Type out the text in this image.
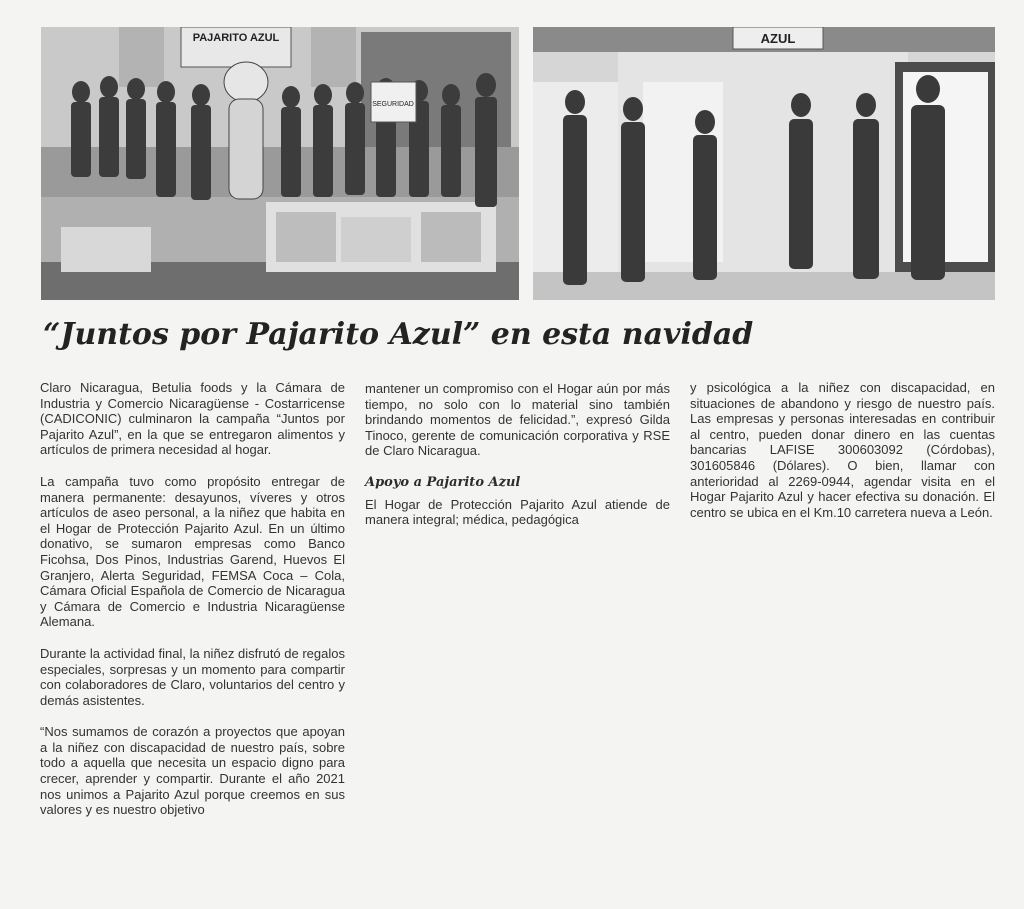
PAJARITO AZUL
SEGURIDAD
AZUL
“Juntos por Pajarito Azul” en esta navidad

Claro Nicaragua, Betulia foods y la Cámara de Industria y Comercio Nicaragüense - Costarricense (CADICONIC) culminaron la campaña “Juntos por Pajarito Azul”, en la que se entregaron alimentos y artículos de primera necesidad al hogar.

La campaña tuvo como propósito entregar de manera permanente: desayunos, víveres y otros artículos de aseo personal, a la niñez que habita en el Hogar de Protección Pajarito Azul. En un último donativo, se sumaron empresas como Banco Ficohsa, Dos Pinos, Industrias Garend, Huevos El Granjero, Alerta Seguridad, FEMSA Coca – Cola, Cámara Oficial Española de Comercio de Nicaragua y Cámara de Comercio e Industria Nicaragüense Alemana.

Durante la actividad final, la niñez disfrutó de regalos especiales, sorpresas y un momento para compartir con colaboradores de Claro, voluntarios del centro y demás asistentes.

“Nos sumamos de corazón a proyectos que apoyan a la niñez con discapacidad de nuestro país, sobre todo a aquella que necesita un espacio digno para crecer, aprender y compartir. Durante el año 2021 nos unimos a Pajarito Azul porque creemos en sus valores y es nuestro objetivo

mantener un compromiso con el Hogar aún por más tiempo, no solo con lo material sino también brindando momentos de felicidad.”, expresó Gilda Tinoco, gerente de comunicación corporativa y RSE de Claro Nicaragua.

Apoyo a Pajarito Azul

El Hogar de Protección Pajarito Azul atiende de manera integral; médica, pedagógica

y psicológica a la niñez con discapacidad, en situaciones de abandono y riesgo de nuestro país. Las empresas y personas interesadas en contribuir al centro, pueden donar dinero en las cuentas bancarias LAFISE 300603092 (Córdobas), 301605846 (Dólares). O bien, llamar con anterioridad al 2269-0944, agendar visita en el Hogar Pajarito Azul y hacer efectiva su donación. El centro se ubica en el Km.10 carretera nueva a León.
